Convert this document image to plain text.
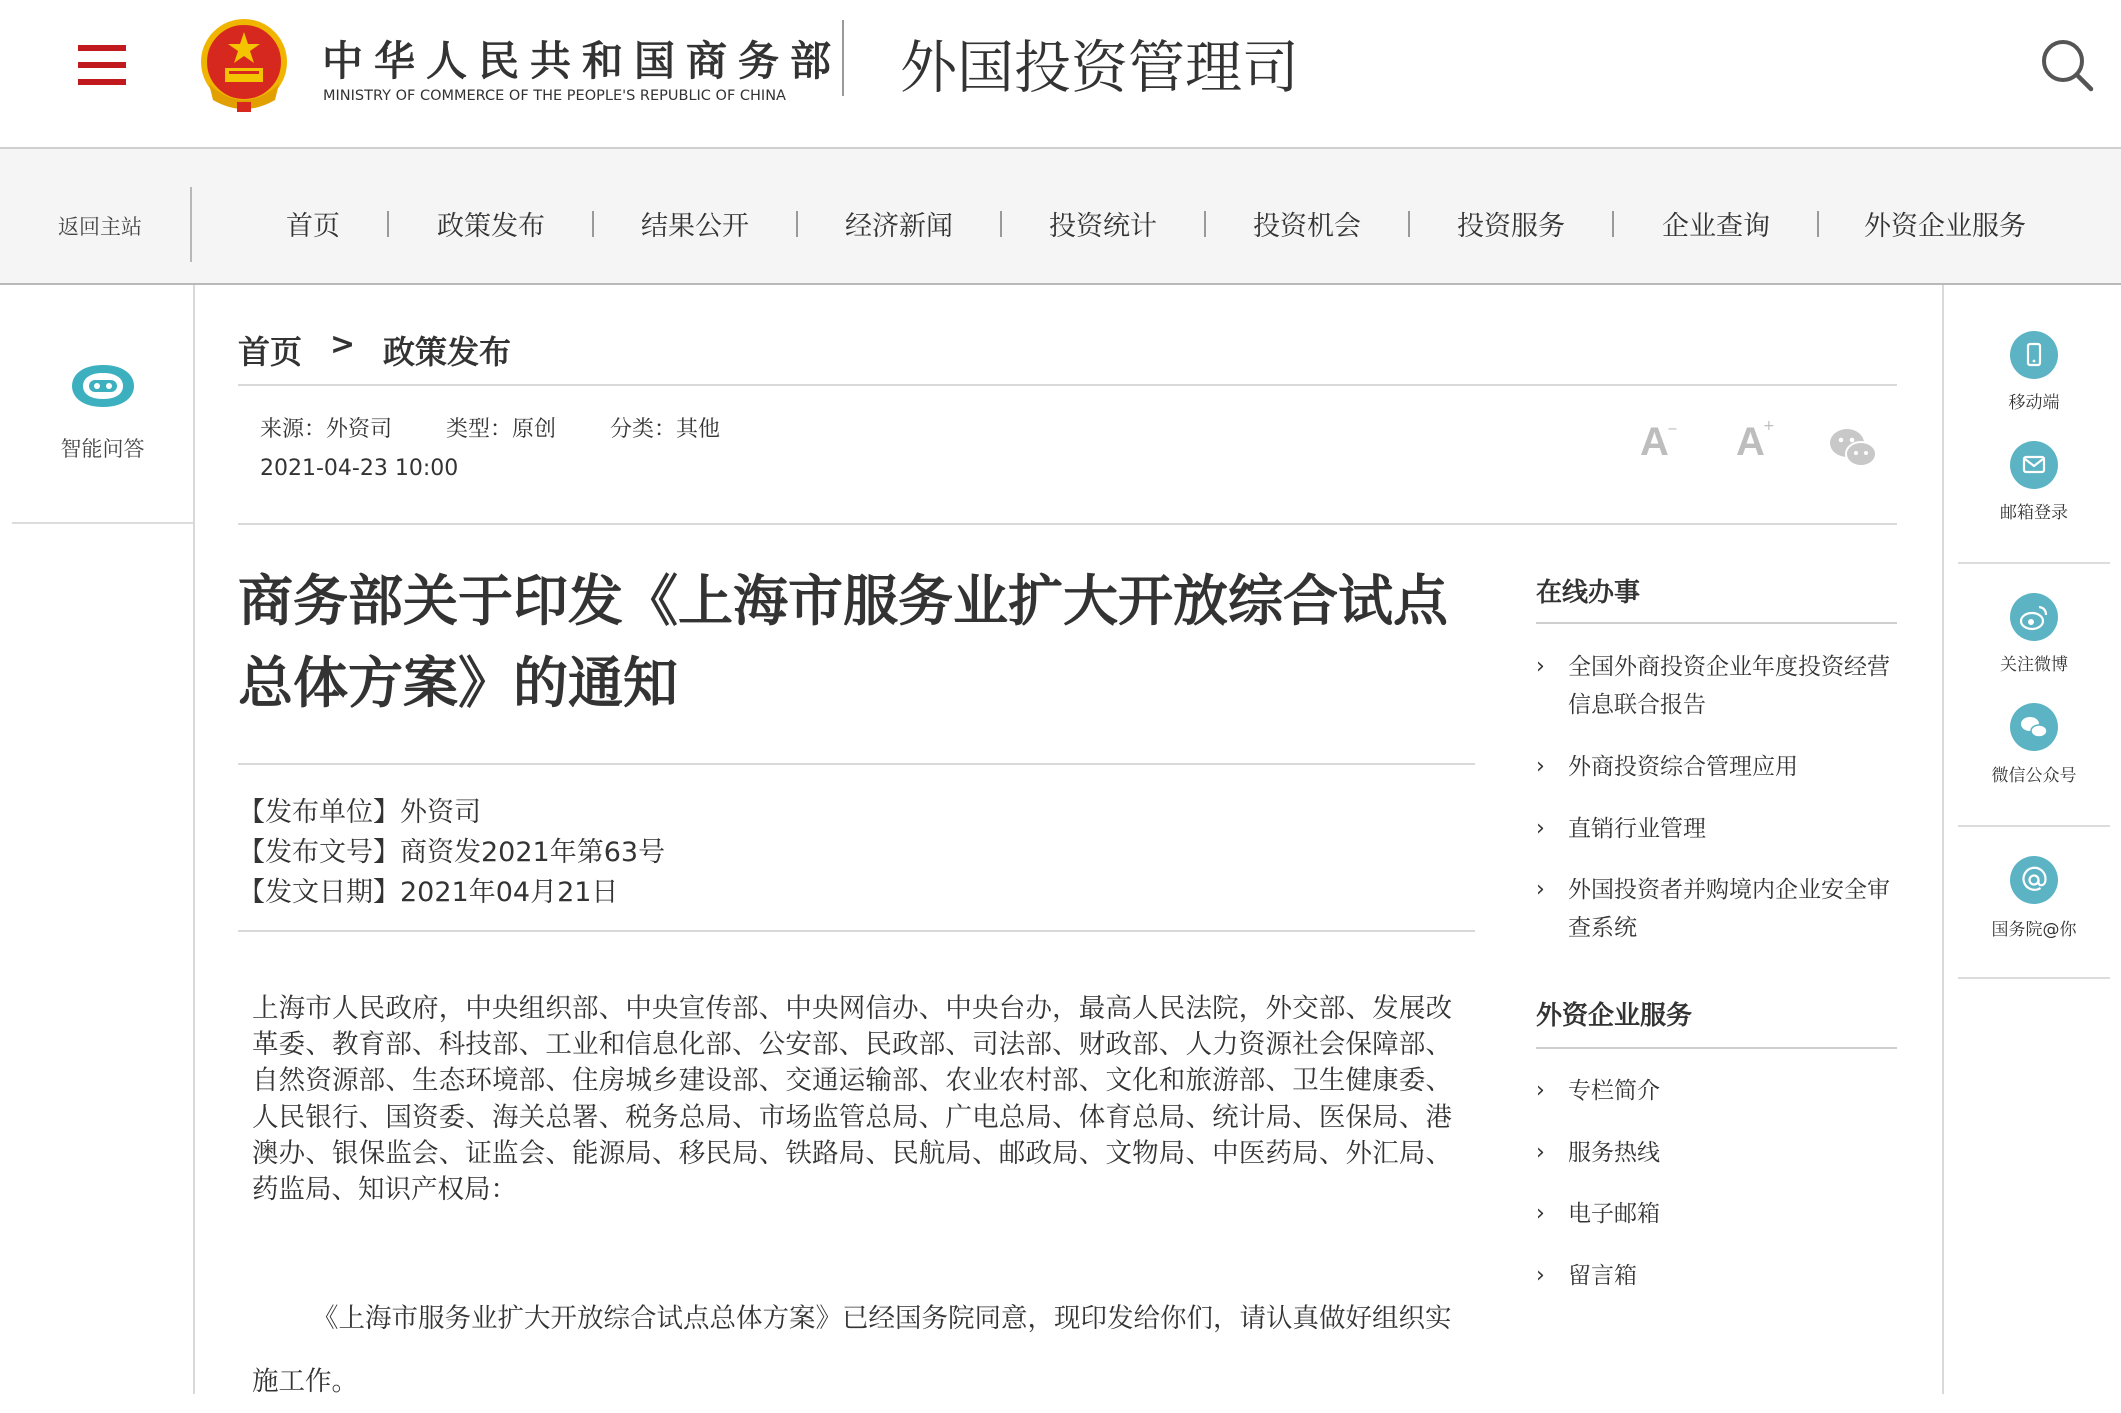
中华人民共和国商务部
MINISTRY OF COMMERCE OF THE PEOPLE'S REPUBLIC OF CHINA 外国投资管理司
返回主站	首页	政策发布	结果公开	经济新闻	投资统计	投资机会	投资服务	企业查询	外资企业服务
智能问答
移动端
邮箱登录
关注微博
微信公众号
国务院@你
首页 > 政策发布
来源：外资司 类型：原创 分类：其他
2021-04-23 10:00
A
− A
+
商务部关于印发《上海市服务业扩大开放综合试点总体方案》的通知
【发布单位】外资司
【发布文号】商资发2021年第63号
【发文日期】2021年04月21日
上海市人民政府，中央组织部、中央宣传部、中央网信办、中央台办，最高人民法院，外交部、发展改革委、教育部、科技部、工业和信息化部、公安部、民政部、司法部、财政部、人力资源社会保障部、自然资源部、生态环境部、住房城乡建设部、交通运输部、农业农村部、文化和旅游部、卫生健康委、人民银行、国资委、海关总署、税务总局、市场监管总局、广电总局、体育总局、统计局、医保局、港澳办、银保监会、证监会、能源局、移民局、铁路局、民航局、邮政局、文物局、中医药局、外汇局、药监局、知识产权局：
《上海市服务业扩大开放综合试点总体方案》已经国务院同意，现印发给你们，请认真做好组织实施工作。
在线办事
› 全国外商投资企业年度投资经营信息联合报告
› 外商投资综合管理应用
› 直销行业管理
› 外国投资者并购境内企业安全审查系统
外资企业服务
› 专栏简介
› 服务热线
› 电子邮箱
› 留言箱
